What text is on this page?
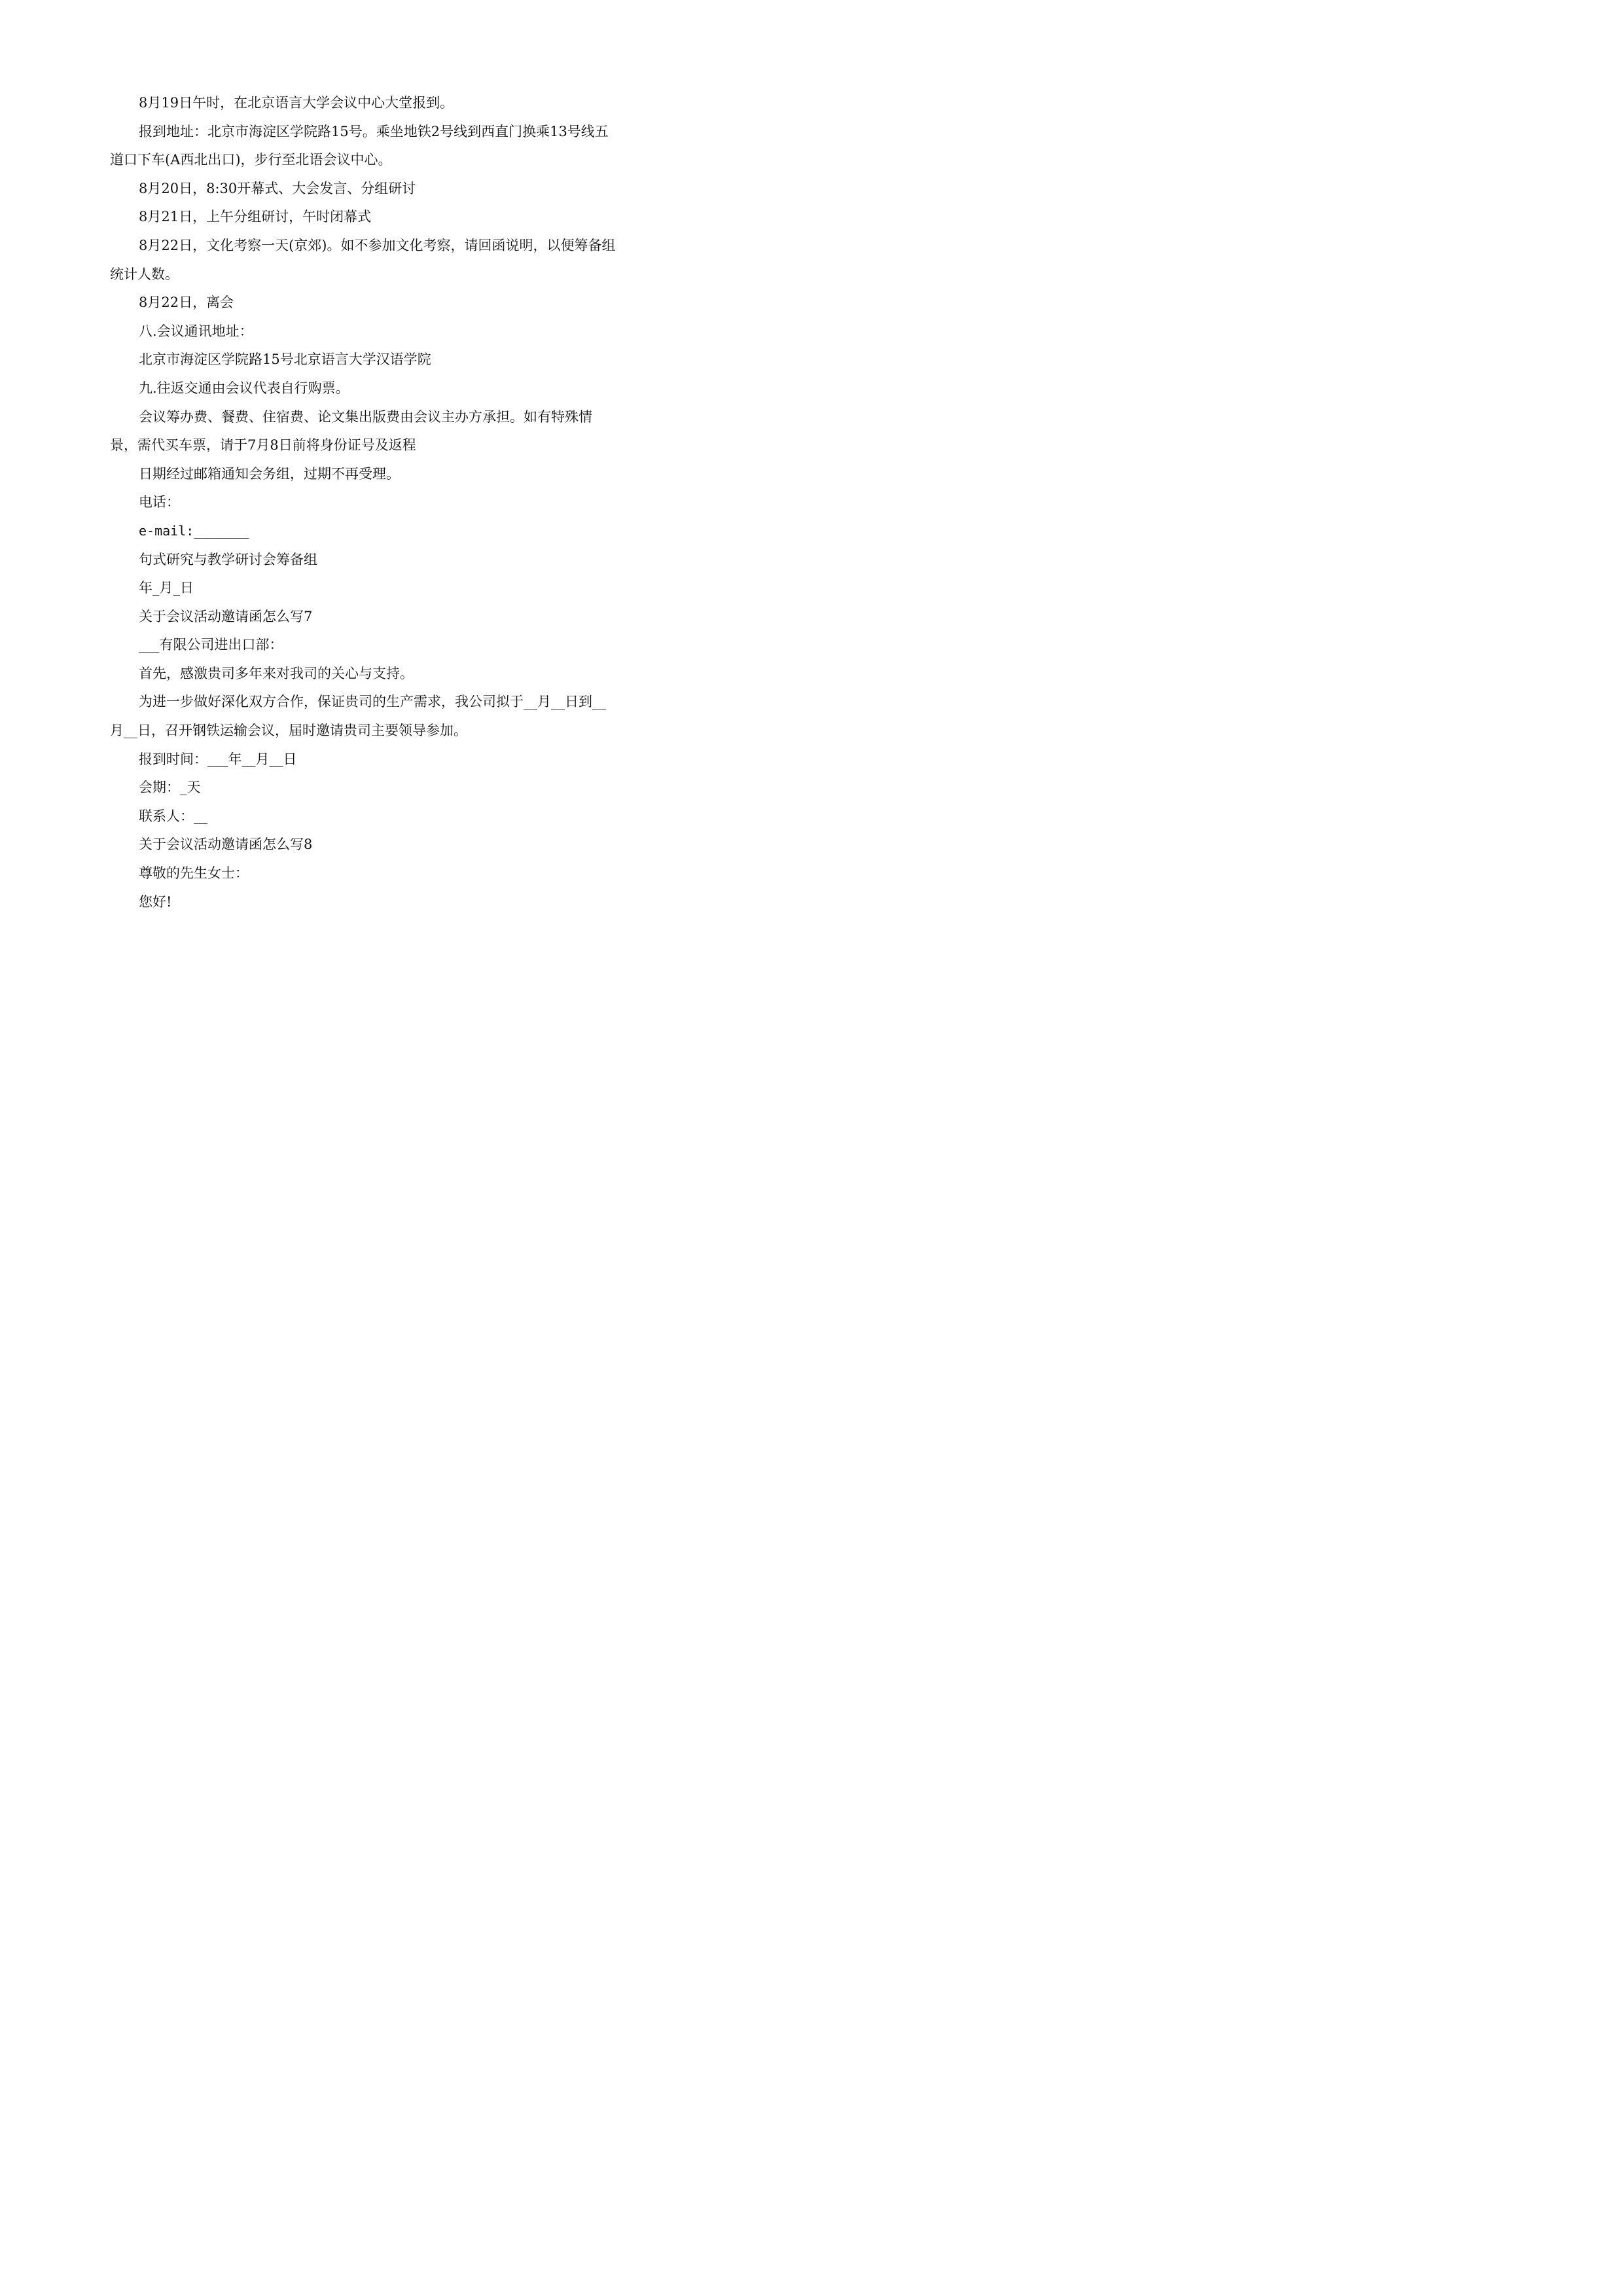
8月19日午时，在北京语言大学会议中心大堂报到。

报到地址：北京市海淀区学院路15号。乘坐地铁2号线到西直门换乘13号线五道口下车(A西北出口)，步行至北语会议中心。

8月20日，8:30开幕式、大会发言、分组研讨

8月21日，上午分组研讨，午时闭幕式

8月22日，文化考察一天(京郊)。如不参加文化考察，请回函说明，以便筹备组统计人数。

8月22日，离会

八.会议通讯地址：

北京市海淀区学院路15号北京语言大学汉语学院

九.往返交通由会议代表自行购票。

会议筹办费、餐费、住宿费、论文集出版费由会议主办方承担。如有特殊情景，需代买车票，请于7月8日前将身份证号及返程

日期经过邮箱通知会务组，过期不再受理。

电话：

e-mail:_______

句式研究与教学研讨会筹备组

年_月_日

关于会议活动邀请函怎么写7

___有限公司进出口部：

首先，感激贵司多年来对我司的关心与支持。

为进一步做好深化双方合作，保证贵司的生产需求，我公司拟于__月__日到__月__日，召开钢铁运输会议，届时邀请贵司主要领导参加。

报到时间：___年__月__日

会期：_天

联系人：__

关于会议活动邀请函怎么写8

尊敬的先生女士：

您好!
